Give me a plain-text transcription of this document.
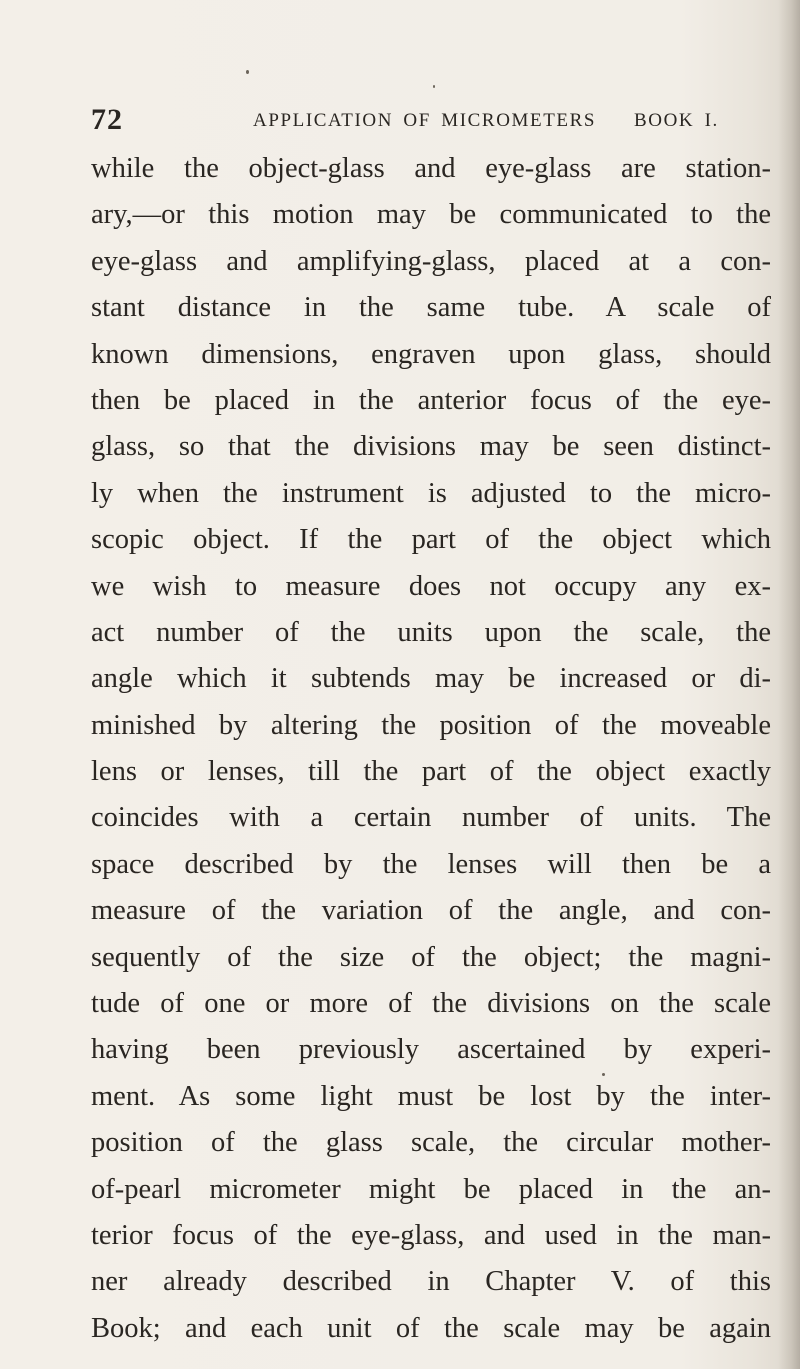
72	APPLICATION OF MICROMETERS BOOK I.
while the object-glass and eye-glass are station-
ary,—or this motion may be communicated to the
eye-glass and amplifying-glass, placed at a con-
stant distance in the same tube. A scale of
known dimensions, engraven upon glass, should
then be placed in the anterior focus of the eye-
glass, so that the divisions may be seen distinct-
ly when the instrument is adjusted to the micro-
scopic object. If the part of the object which
we wish to measure does not occupy any ex-
act number of the units upon the scale, the
angle which it subtends may be increased or di-
minished by altering the position of the moveable
lens or lenses, till the part of the object exactly
coincides with a certain number of units. The
space described by the lenses will then be a
measure of the variation of the angle, and con-
sequently of the size of the object; the magni-
tude of one or more of the divisions on the scale
having been previously ascertained by experi-
ment. As some light must be lost by the inter-
position of the glass scale, the circular mother-
of-pearl micrometer might be placed in the an-
terior focus of the eye-glass, and used in the man-
ner already described in Chapter V. of this
Book; and each unit of the scale may be again
